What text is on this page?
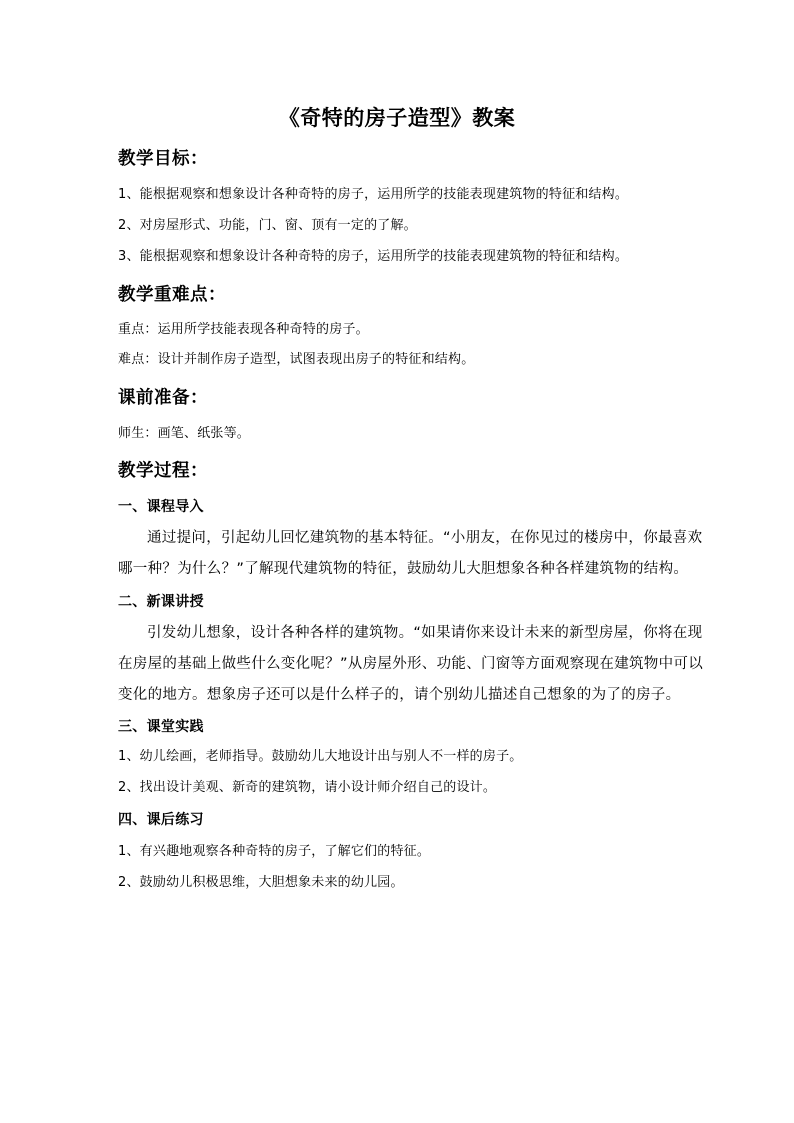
《奇特的房子造型》教案
教学目标：
1、能根据观察和想象设计各种奇特的房子，运用所学的技能表现建筑物的特征和结构。
2、对房屋形式、功能，门、窗、顶有一定的了解。
3、能根据观察和想象设计各种奇特的房子，运用所学的技能表现建筑物的特征和结构。
教学重难点：
重点：运用所学技能表现各种奇特的房子。
难点：设计并制作房子造型，试图表现出房子的特征和结构。
课前准备：
师生：画笔、纸张等。
教学过程：
一、课程导入
通过提问，引起幼儿回忆建筑物的基本特征。“小朋友，在你见过的楼房中，你最喜欢
哪一种？为什么？”了解现代建筑物的特征，鼓励幼儿大胆想象各种各样建筑物的结构。
二、新课讲授
引发幼儿想象，设计各种各样的建筑物。“如果请你来设计未来的新型房屋，你将在现
在房屋的基础上做些什么变化呢？”从房屋外形、功能、门窗等方面观察现在建筑物中可以
变化的地方。想象房子还可以是什么样子的，请个别幼儿描述自己想象的为了的房子。
三、课堂实践
1、幼儿绘画，老师指导。鼓励幼儿大地设计出与别人不一样的房子。
2、找出设计美观、新奇的建筑物，请小设计师介绍自己的设计。
四、课后练习
1、有兴趣地观察各种奇特的房子，了解它们的特征。
2、鼓励幼儿积极思维，大胆想象未来的幼儿园。
